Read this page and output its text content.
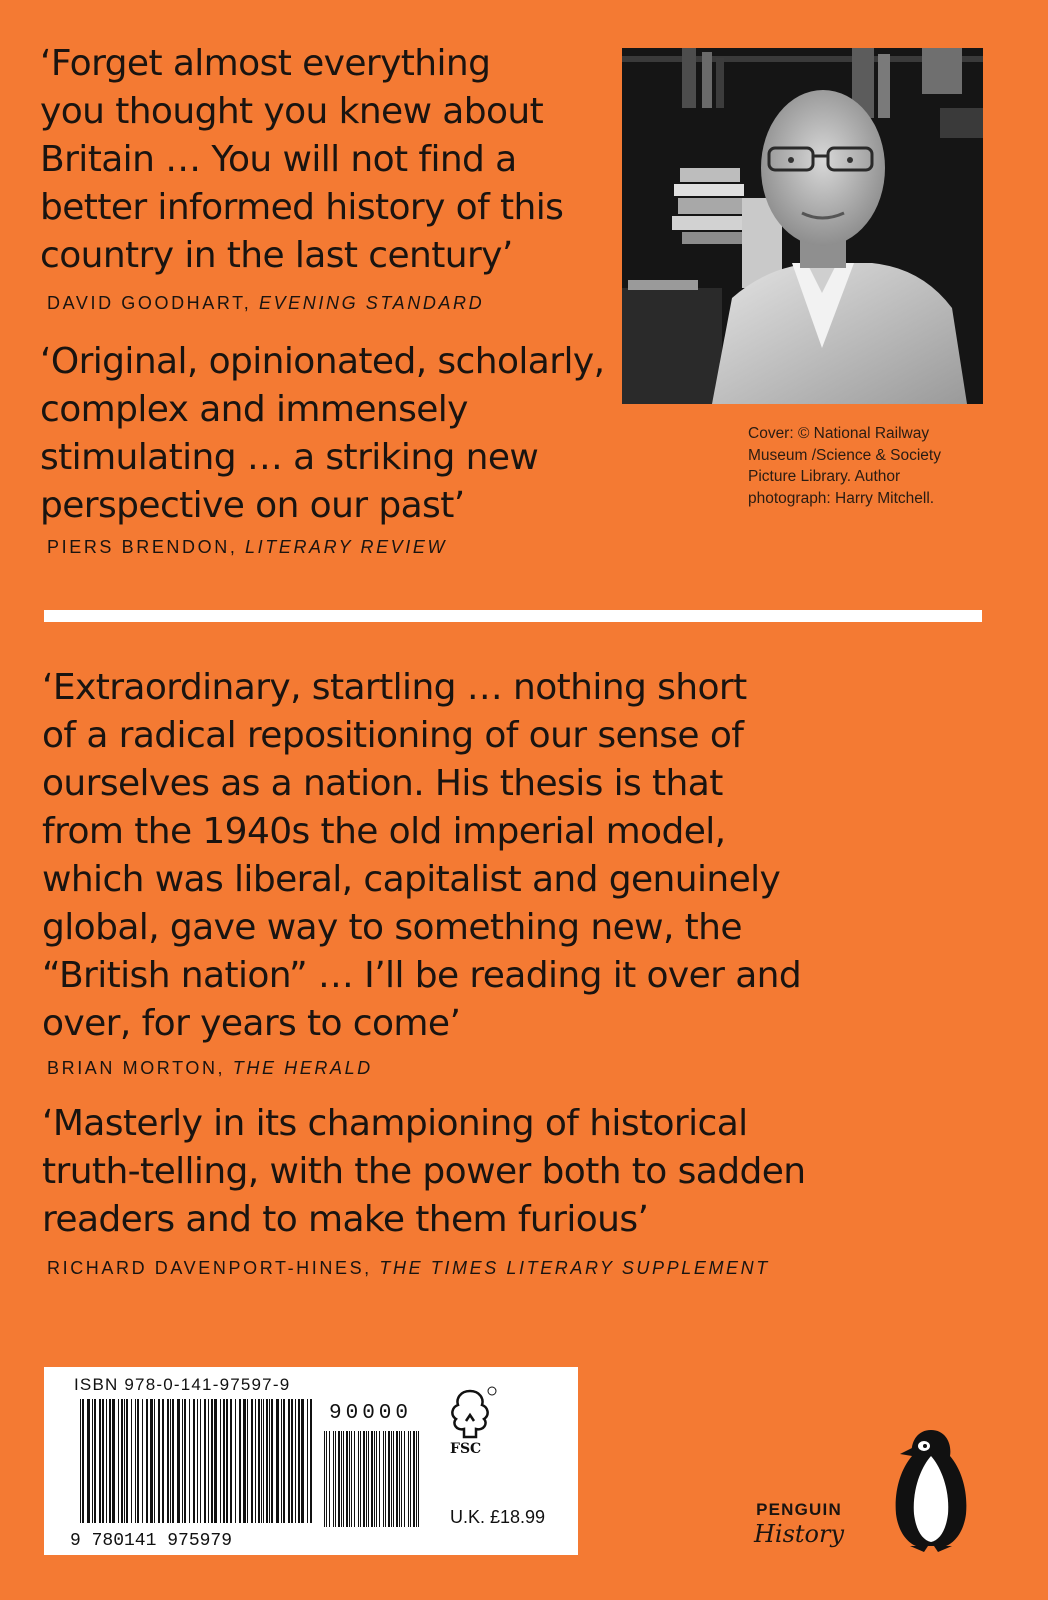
‘Forget almost everything
you thought you knew about
Britain … You will not find a
better informed history of this
country in the last century’

DAVID GOODHART, EVENING STANDARD

‘Original, opinionated, scholarly,
complex and immensely
stimulating … a striking new
perspective on our past’

PIERS BRENDON, LITERARY REVIEW
Cover: © National Railway
Museum /Science & Society
Picture Library. Author
photograph: Harry Mitchell.

‘Extraordinary, startling … nothing short
of a radical repositioning of our sense of
ourselves as a nation. His thesis is that
from the 1940s the old imperial model,
which was liberal, capitalist and genuinely
global, gave way to something new, the
“British nation” … I’ll be reading it over and
over, for years to come’

BRIAN MORTON, THE HERALD

‘Masterly in its championing of historical
truth-telling, with the power both to sadden
readers and to make them furious’

RICHARD DAVENPORT-HINES, THE TIMES LITERARY SUPPLEMENT
ISBN 978-0-141-97597-9
9 780141 975979
90000
FSC
U.K. £18.99	PENGUIN
History
